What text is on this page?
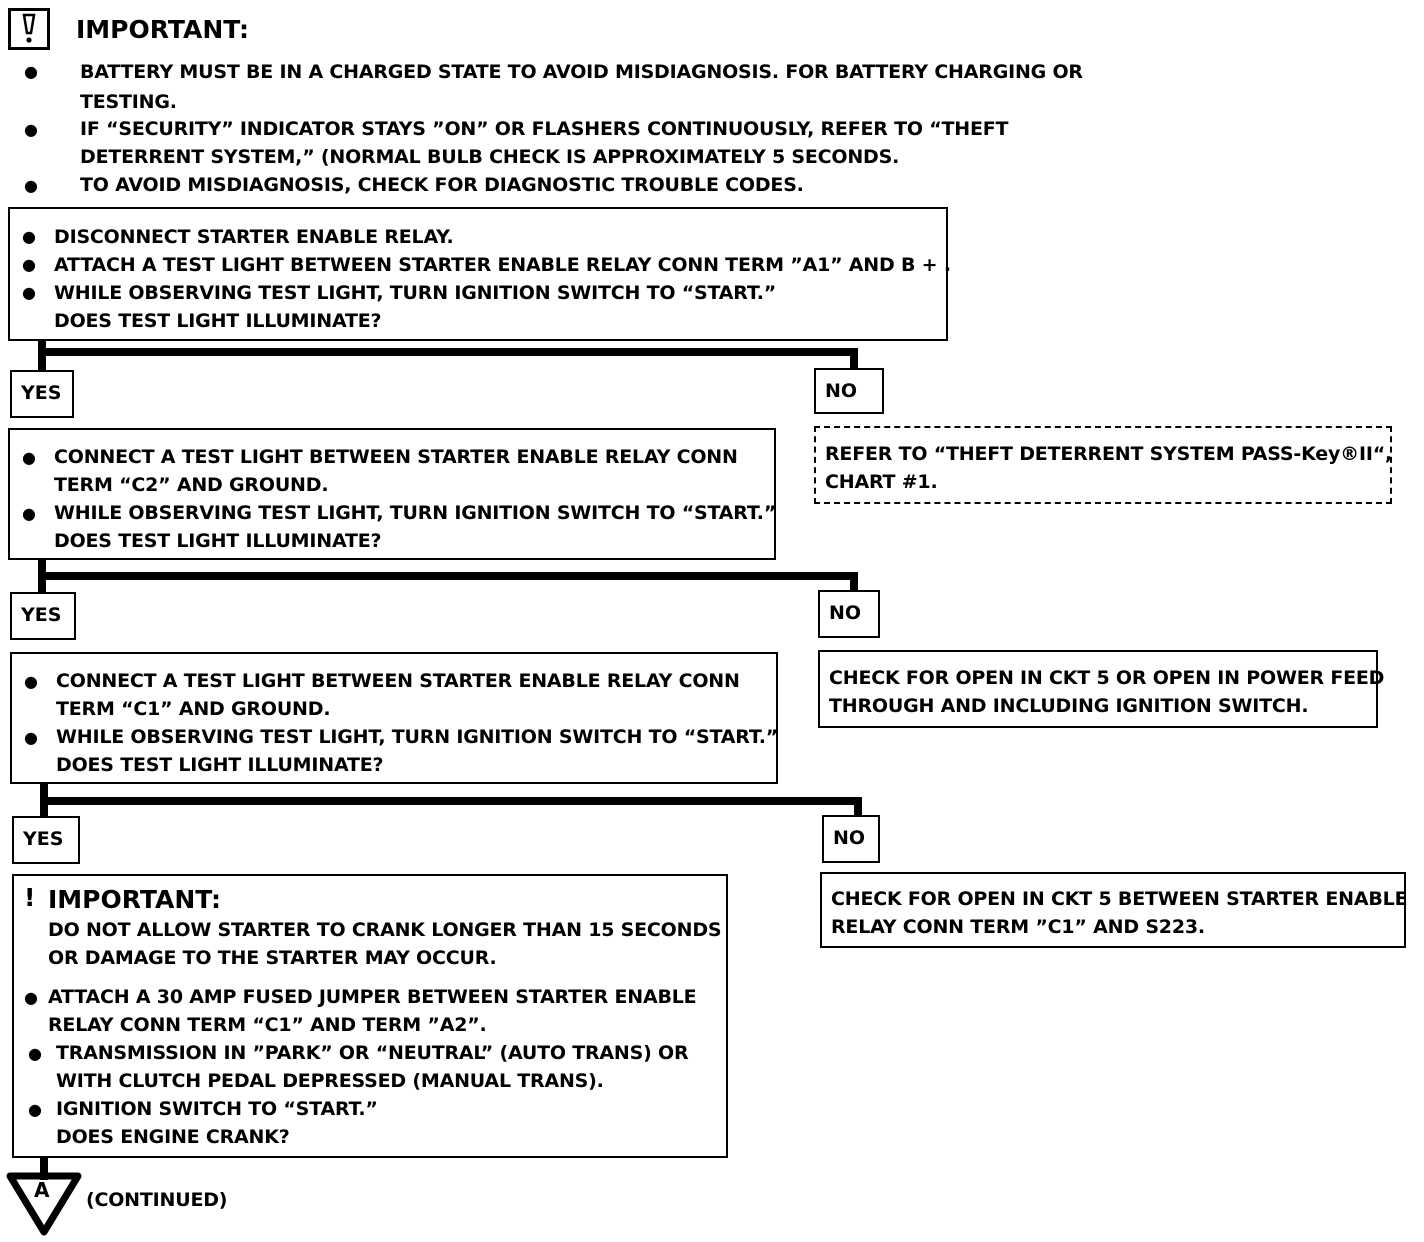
IMPORTANT:
● BATTERY MUST BE IN A CHARGED STATE TO AVOID MISDIAGNOSIS. FOR BATTERY CHARGING OR
TESTING.
● IF “SECURITY” INDICATOR STAYS ”ON” OR FLASHERS CONTINUOUSLY, REFER TO “THEFT
DETERRENT SYSTEM,” (NORMAL BULB CHECK IS APPROXIMATELY 5 SECONDS.
● TO AVOID MISDIAGNOSIS, CHECK FOR DIAGNOSTIC TROUBLE CODES.
● DISCONNECT STARTER ENABLE RELAY.
● ATTACH A TEST LIGHT BETWEEN STARTER ENABLE RELAY CONN TERM ”A1” AND B + .
● WHILE OBSERVING TEST LIGHT, TURN IGNITION SWITCH TO “START.”
DOES TEST LIGHT ILLUMINATE?
YES	NO
REFER TO “THEFT DETERRENT SYSTEM PASS-Key®II“,
CHART #1.
● CONNECT A TEST LIGHT BETWEEN STARTER ENABLE RELAY CONN
TERM “C2” AND GROUND.
● WHILE OBSERVING TEST LIGHT, TURN IGNITION SWITCH TO “START.”
DOES TEST LIGHT ILLUMINATE?
YES	NO
CHECK FOR OPEN IN CKT 5 OR OPEN IN POWER FEED
THROUGH AND INCLUDING IGNITION SWITCH.
● CONNECT A TEST LIGHT BETWEEN STARTER ENABLE RELAY CONN
TERM “C1” AND GROUND.
● WHILE OBSERVING TEST LIGHT, TURN IGNITION SWITCH TO “START.”
DOES TEST LIGHT ILLUMINATE?
YES	NO
CHECK FOR OPEN IN CKT 5 BETWEEN STARTER ENABLE
RELAY CONN TERM ”C1” AND S223.
! IMPORTANT:
DO NOT ALLOW STARTER TO CRANK LONGER THAN 15 SECONDS
OR DAMAGE TO THE STARTER MAY OCCUR.
● ATTACH A 30 AMP FUSED JUMPER BETWEEN STARTER ENABLE
RELAY CONN TERM “C1” AND TERM ”A2”.
● TRANSMISSION IN ”PARK” OR “NEUTRAL” (AUTO TRANS) OR
WITH CLUTCH PEDAL DEPRESSED (MANUAL TRANS).
● IGNITION SWITCH TO “START.”
DOES ENGINE CRANK?
A (CONTINUED)
